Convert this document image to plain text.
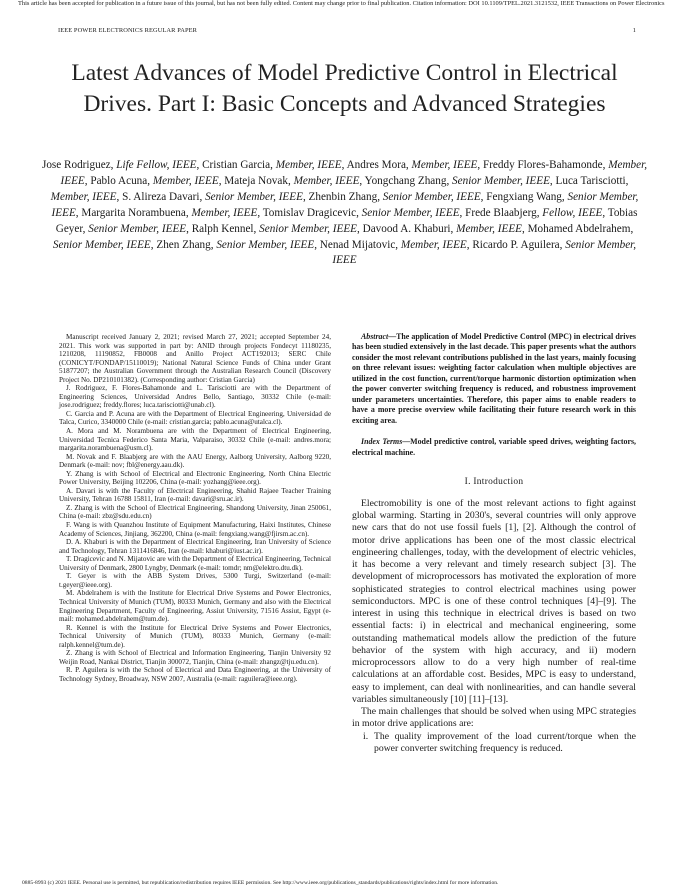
This article has been accepted for publication in a future issue of this journal, but has not been fully edited. Content may change prior to final publication. Citation information: DOI 10.1109/TPEL.2021.3121532, IEEE Transactions on Power Electronics
IEEE POWER ELECTRONICS REGULAR PAPER	1
Latest Advances of Model Predictive Control in Electrical Drives. Part I: Basic Concepts and Advanced Strategies
Jose Rodriguez, Life Fellow, IEEE, Cristian Garcia, Member, IEEE, Andres Mora, Member, IEEE, Freddy Flores-Bahamonde, Member, IEEE, Pablo Acuna, Member, IEEE, Mateja Novak, Member, IEEE, Yongchang Zhang, Senior Member, IEEE, Luca Tarisciotti, Member, IEEE, S. Alireza Davari, Senior Member, IEEE, Zhenbin Zhang, Senior Member, IEEE, Fengxiang Wang, Senior Member, IEEE, Margarita Norambuena, Member, IEEE, Tomislav Dragicevic, Senior Member, IEEE, Frede Blaabjerg, Fellow, IEEE, Tobias Geyer, Senior Member, IEEE, Ralph Kennel, Senior Member, IEEE, Davood A. Khaburi, Member, IEEE, Mohamed Abdelrahem, Senior Member, IEEE, Zhen Zhang, Senior Member, IEEE, Nenad Mijatovic, Member, IEEE, Ricardo P. Aguilera, Senior Member, IEEE

Manuscript received January 2, 2021; revised March 27, 2021; accepted September 24, 2021. This work was supported in part by: ANID through projects Fondecyt 11180235, 1210208, 11190852, FB0008 and Anillo Project ACT192013; SERC Chile (CONICYT/FONDAP/15110019); National Natural Science Funds of China under Grant 51877207; the Australian Government through the Australian Research Council (Discovery Project No. DP210101382). (Corresponding author: Cristian Garcia)

J. Rodriguez, F. Flores-Bahamonde and L. Tarisciotti are with the Department of Engineering Sciences, Universidad Andres Bello, Santiago, 30332 Chile (e-mail: jose.rodriguez; freddy.flores; luca.tarisciotti@unab.cl).

C. Garcia and P. Acuna are with the Department of Electrical Engineering, Universidad de Talca, Curico, 3340000 Chile (e-mail: cristian.garcia; pablo.acuna@utalca.cl).

A. Mora and M. Norambuena are with the Department of Electrical Engineering, Universidad Tecnica Federico Santa Maria, Valparaiso, 30332 Chile (e-mail: andres.mora; margarita.norambuena@usm.cl).

M. Novak and F. Blaabjerg are with the AAU Energy, Aalborg University, Aalborg 9220, Denmark (e-mail: nov; fbl@energy.aau.dk).

Y. Zhang is with School of Electrical and Electronic Engineering, North China Electric Power University, Beijing 102206, China (e-mail: yozhang@ieee.org).

A. Davari is with the Faculty of Electrical Engineering, Shahid Rajaee Teacher Training University, Tehran 16788 15811, Iran (e-mail: davari@sru.ac.ir).

Z. Zhang is with the School of Electrical Engineering, Shandong University, Jinan 250061, China (e-mail: zbz@sdu.edu.cn)

F. Wang is with Quanzhou Institute of Equipment Manufacturing, Haixi Institutes, Chinese Academy of Sciences, Jinjiang, 362200, China (e-mail: fengxiang.wang@fjirsm.ac.cn).

D. A. Khaburi is with the Department of Electrical Engineering, Iran University of Science and Technology, Tehran 1311416846, Iran (e-mail: khaburi@iust.ac.ir).

T. Dragicevic and N. Mijatovic are with the Department of Electrical Engineering, Technical University of Denmark, 2800 Lyngby, Denmark (e-mail: tomdr; nm@elektro.dtu.dk).

T. Geyer is with the ABB System Drives, 5300 Turgi, Switzerland (e-mail: t.geyer@ieee.org).

M. Abdelrahem is with the Institute for Electrical Drive Systems and Power Electronics, Technical University of Munich (TUM), 80333 Munich, Germany and also with the Electrical Engineering Department, Faculty of Engineering, Assiut University, 71516 Assiut, Egypt (e-mail: mohamed.abdelrahem@tum.de).

R. Kennel is with the Institute for Electrical Drive Systems and Power Electronics, Technical University of Munich (TUM), 80333 Munich, Germany (e-mail: ralph.kennel@tum.de).

Z. Zhang is with School of Electrical and Information Engineering, Tianjin University 92 Weijin Road, Nankai District, Tianjin 300072, Tianjin, China (e-mail: zhangz@tju.edu.cn).

R. P. Aguilera is with the School of Electrical and Data Engineering, at the University of Technology Sydney, Broadway, NSW 2007, Australia (e-mail: raguilera@ieee.org).

Abstract—The application of Model Predictive Control (MPC) in electrical drives has been studied extensively in the last decade. This paper presents what the authors consider the most relevant contributions published in the last years, mainly focusing on three relevant issues: weighting factor calculation when multiple objectives are utilized in the cost function, current/torque harmonic distortion optimization when the power converter switching frequency is reduced, and robustness improvement under parameters uncertainties. Therefore, this paper aims to enable readers to have a more precise overview while facilitating their future research work in this exciting area.

Index Terms—Model predictive control, variable speed drives, weighting factors, electrical machine.

I. Introduction

Electromobility is one of the most relevant actions to fight against global warming. Starting in 2030's, several countries will only approve new cars that do not use fossil fuels [1], [2]. Although the control of motor drive applications has been one of the most classic electrical engineering challenges, today, with the development of electric vehicles, it has become a very relevant and timely research subject [3]. The development of microprocessors has motivated the exploration of more sophisticated strategies to control electrical machines using power semiconductors. MPC is one of these control techniques [4]–[9]. The interest in using this technique in electrical drives is based on two essential facts: i) in electrical and mechanical engineering, some outstanding mathematical models allow the prediction of the future behavior of the system with high accuracy, and ii) modern microprocessors allow to do a very high number of real-time calculations at an affordable cost. Besides, MPC is easy to understand, easy to implement, can deal with nonlinearities, and can handle several variables simultaneously [10] [11]–[13].

The main challenges that should be solved when using MPC strategies in motor drive applications are:

i. The quality improvement of the load current/torque when the power converter switching frequency is reduced.
0885-8993 (c) 2021 IEEE. Personal use is permitted, but republication/redistribution requires IEEE permission. See http://www.ieee.org/publications_standards/publications/rights/index.html for more information.
